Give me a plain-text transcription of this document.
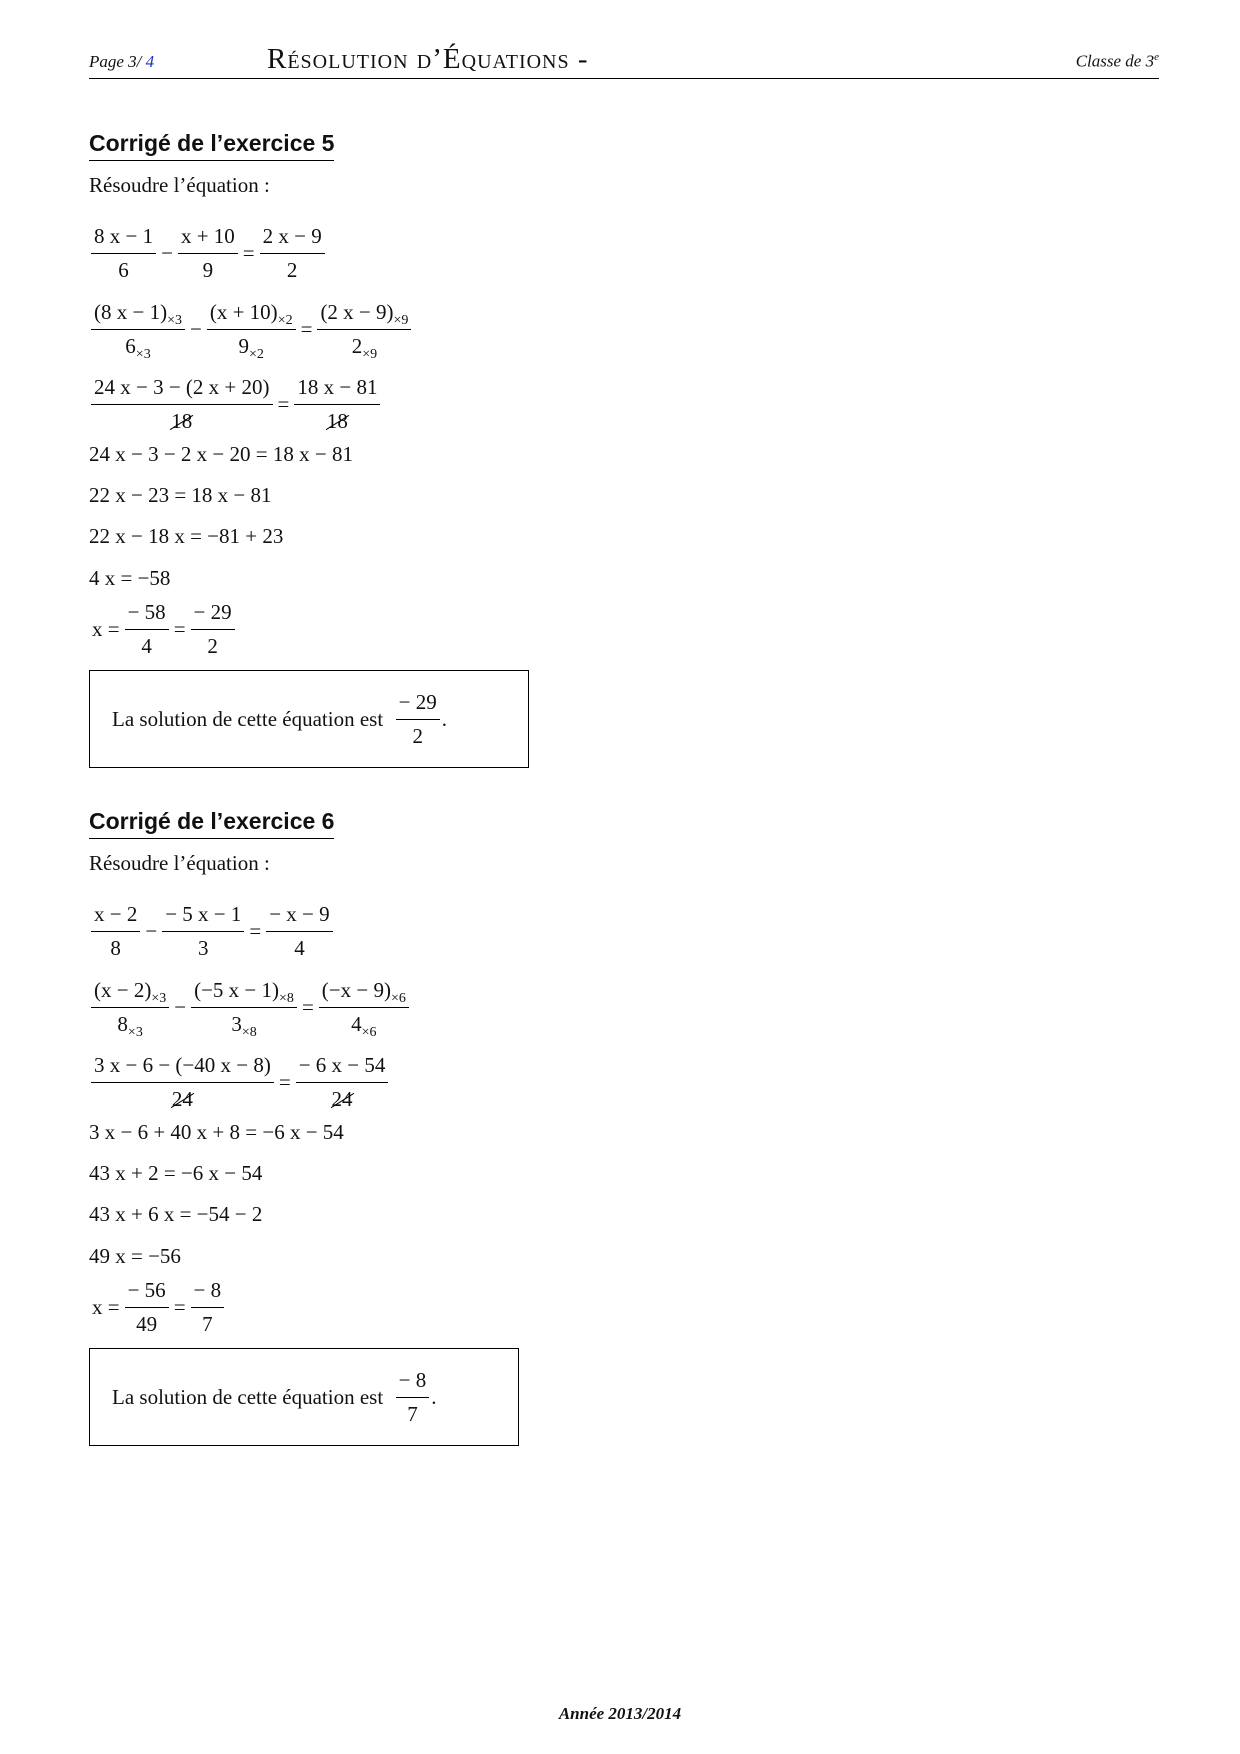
Page 3/ 4	Résolution d’Équations -	Classe de 3e
Corrigé de l’exercice 5
Résoudre l’équation :
$\frac{8 x - 1}{6} - \frac{x + 10}{9} = \frac{2 x - 9}{2}$
$\frac{(8 x - 1)_{\times 3}}{6_{\times 3}} - \frac{(x + 10)_{\times 2}}{9_{\times 2}} = \frac{(2 x - 9)_{\times 9}}{2_{\times 9}}$
$\frac{24 x - 3 - (2 x + 20)}{18} = \frac{18 x - 81}{18}$
24 x − 3 − 2 x − 20 = 18 x − 81
22 x − 23 = 18 x − 81
22 x − 18 x = −81 + 23
4 x = −58
$x = \frac{- 58}{4} = \frac{- 29}{2}$
La solution de cette équation est
$\frac{- 29}{2}$ .
Corrigé de l’exercice 6
Résoudre l’équation :
$\frac{x - 2}{8} - \frac{- 5 x - 1}{3} = \frac{- x - 9}{4}$
$\frac{(x - 2)_{\times 3}}{8_{\times 3}} - \frac{(-5 x - 1)_{\times 8}}{3_{\times 8}} = \frac{(-x - 9)_{\times 6}}{4_{\times 6}}$
$\frac{3 x - 6 - (-40 x - 8)}{24} = \frac{- 6 x - 54}{24}$
3 x − 6 + 40 x + 8 = −6 x − 54
43 x + 2 = −6 x − 54
43 x + 6 x = −54 − 2
49 x = −56
$x = \frac{- 56}{49} = \frac{- 8}{7}$
La solution de cette équation est
$\frac{- 8}{7}$ .
Année 2013/2014
